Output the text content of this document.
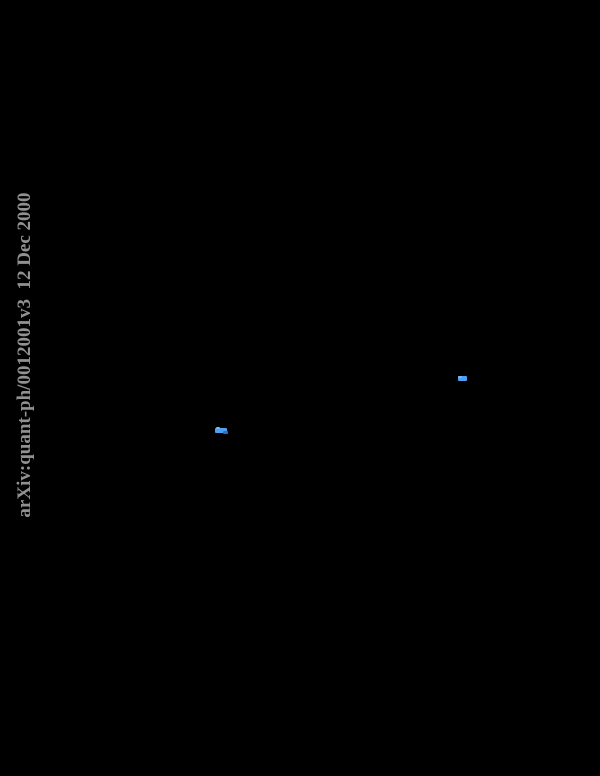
arXiv:quant-ph/0012001v3  12 Dec 2000
